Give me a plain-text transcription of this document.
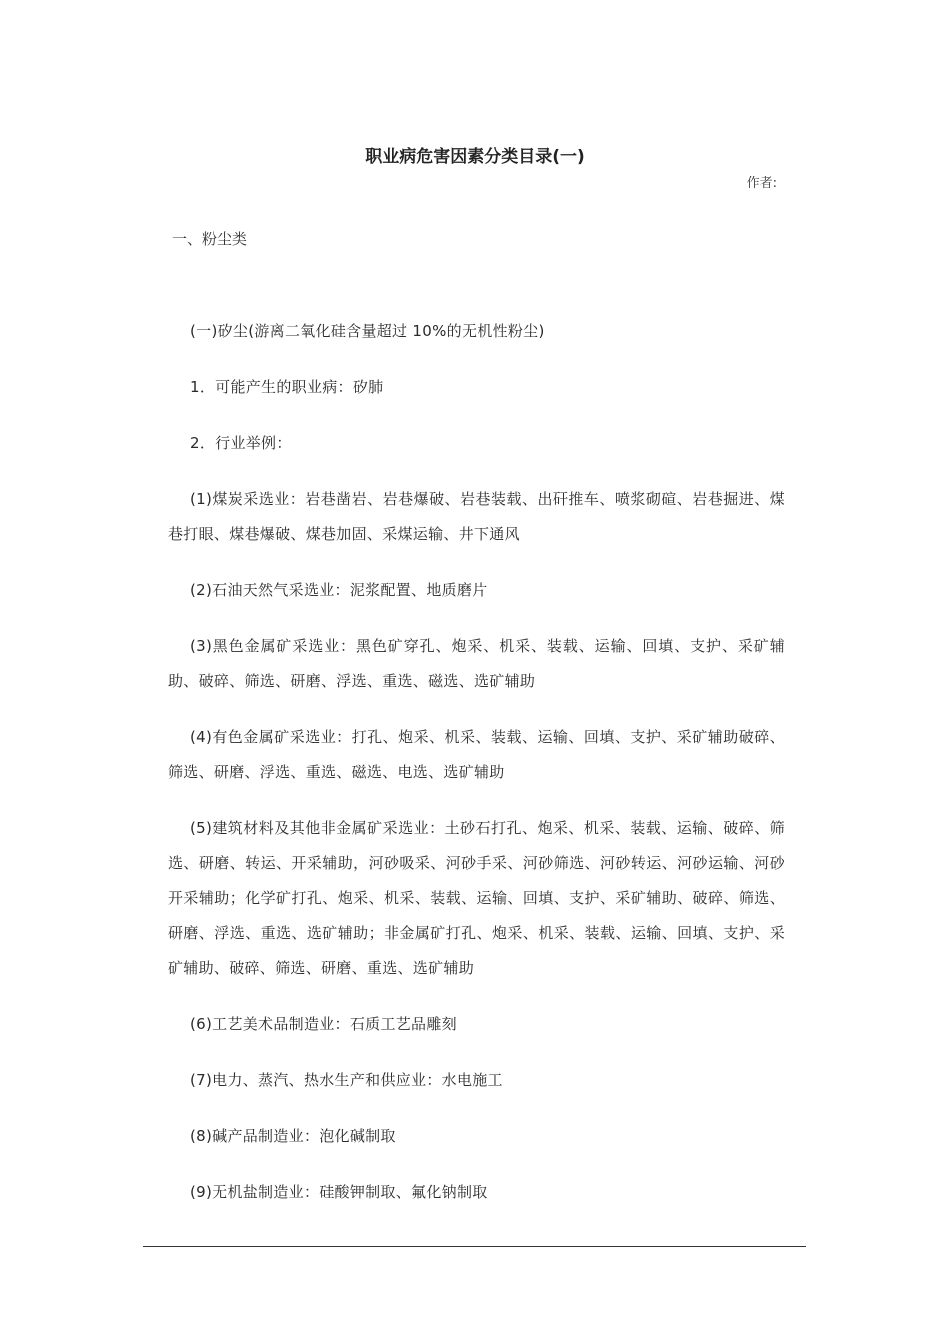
职业病危害因素分类目录(一)
作者:
一、粉尘类

(一)矽尘(游离二氧化硅含量超过 10%的无机性粉尘)

1．可能产生的职业病：矽肺

2．行业举例：

(1)煤炭采选业：岩巷凿岩、岩巷爆破、岩巷装载、出矸推车、喷浆砌碹、岩巷掘进、煤巷打眼、煤巷爆破、煤巷加固、采煤运输、井下通风

(2)石油天然气采选业：泥浆配置、地质磨片

(3)黑色金属矿采选业：黑色矿穿孔、炮采、机采、装载、运输、回填、支护、采矿辅助、破碎、筛选、研磨、浮选、重选、磁选、选矿辅助

(4)有色金属矿采选业：打孔、炮采、机采、装载、运输、回填、支护、采矿辅助破碎、筛选、研磨、浮选、重选、磁选、电选、选矿辅助

(5)建筑材料及其他非金属矿采选业：土砂石打孔、炮采、机采、装载、运输、破碎、筛选、研磨、转运、开采辅助，河砂吸采、河砂手采、河砂筛选、河砂转运、河砂运输、河砂开采辅助；化学矿打孔、炮采、机采、装载、运输、回填、支护、采矿辅助、破碎、筛选、研磨、浮选、重选、选矿辅助；非金属矿打孔、炮采、机采、装载、运输、回填、支护、采矿辅助、破碎、筛选、研磨、重选、选矿辅助

(6)工艺美术品制造业：石质工艺品雕刻

(7)电力、蒸汽、热水生产和供应业：水电施工

(8)碱产品制造业：泡化碱制取

(9)无机盐制造业：硅酸钾制取、氟化钠制取
